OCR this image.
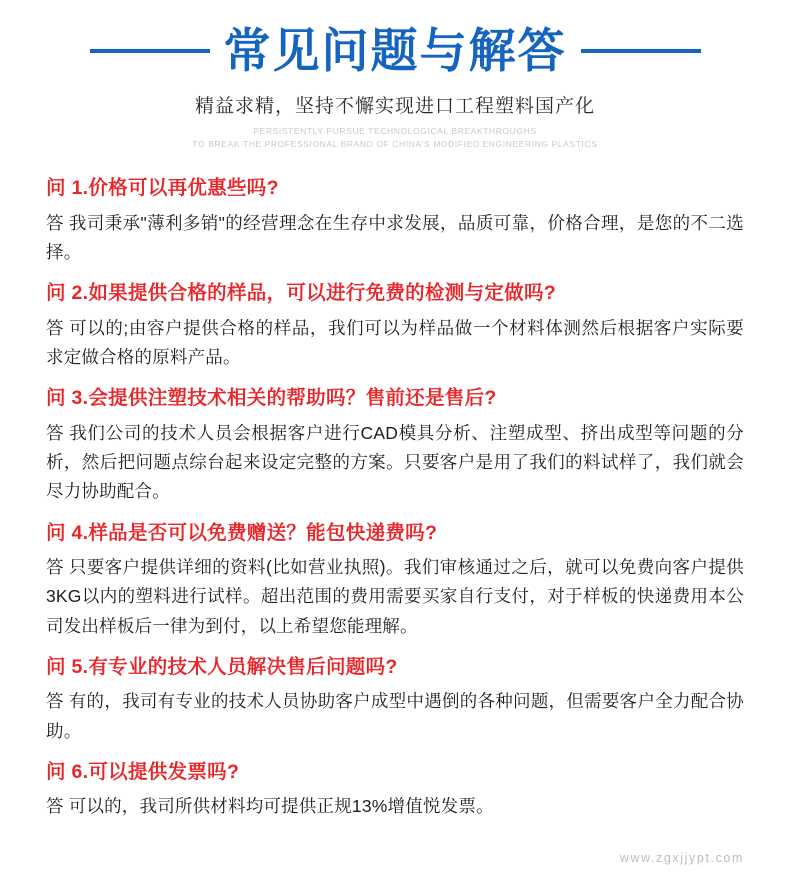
常见问题与解答
精益求精，坚持不懈实现进口工程塑料国产化
PERSISTENTLY PURSUE TECHNOLOGICAL BREAKTHROUGHS
TO BREAK THE PROFESSIONAL BRAND OF CHINA'S MODIFIED ENGINEERING PLASTICS
问 1.价格可以再优惠些吗?
答 我司秉承"薄利多销"的经营理念在生存中求发展，品质可靠，价格合理，是您的不二选择。
问 2.如果提供合格的样品，可以进行免费的检测与定做吗?
答 可以的;由容户提供合格的样品，我们可以为样品做一个材料体测然后根据客户实际要求定做合格的原料产品。
问 3.会提供注塑技术相关的帮助吗？售前还是售后?
答 我们公司的技术人员会根据客户进行CAD模具分析、注塑成型、挤出成型等问题的分析，然后把问题点综台起来设定完整的方案。只要客户是用了我们的料试样了，我们就会尽力协助配合。
问 4.样品是否可以免费赠送？能包快递费吗?
答 只要客户提供详细的资料(比如营业执照)。我们审核通过之后，就可以免费向客户提供3KG以内的塑料进行试样。超出范围的费用需要买家自行支付，对于样板的快递费用本公司发出样板后一律为到付，以上希望您能理解。
问 5.有专业的技术人员解决售后问题吗?
答 有的，我司有专业的技术人员协助客户成型中遇倒的各种问题，但需要客户全力配合协助。
问 6.可以提供发票吗?
答 可以的，我司所供材料均可提供正规13%增值悦发票。
www.zgxjjypt.com
